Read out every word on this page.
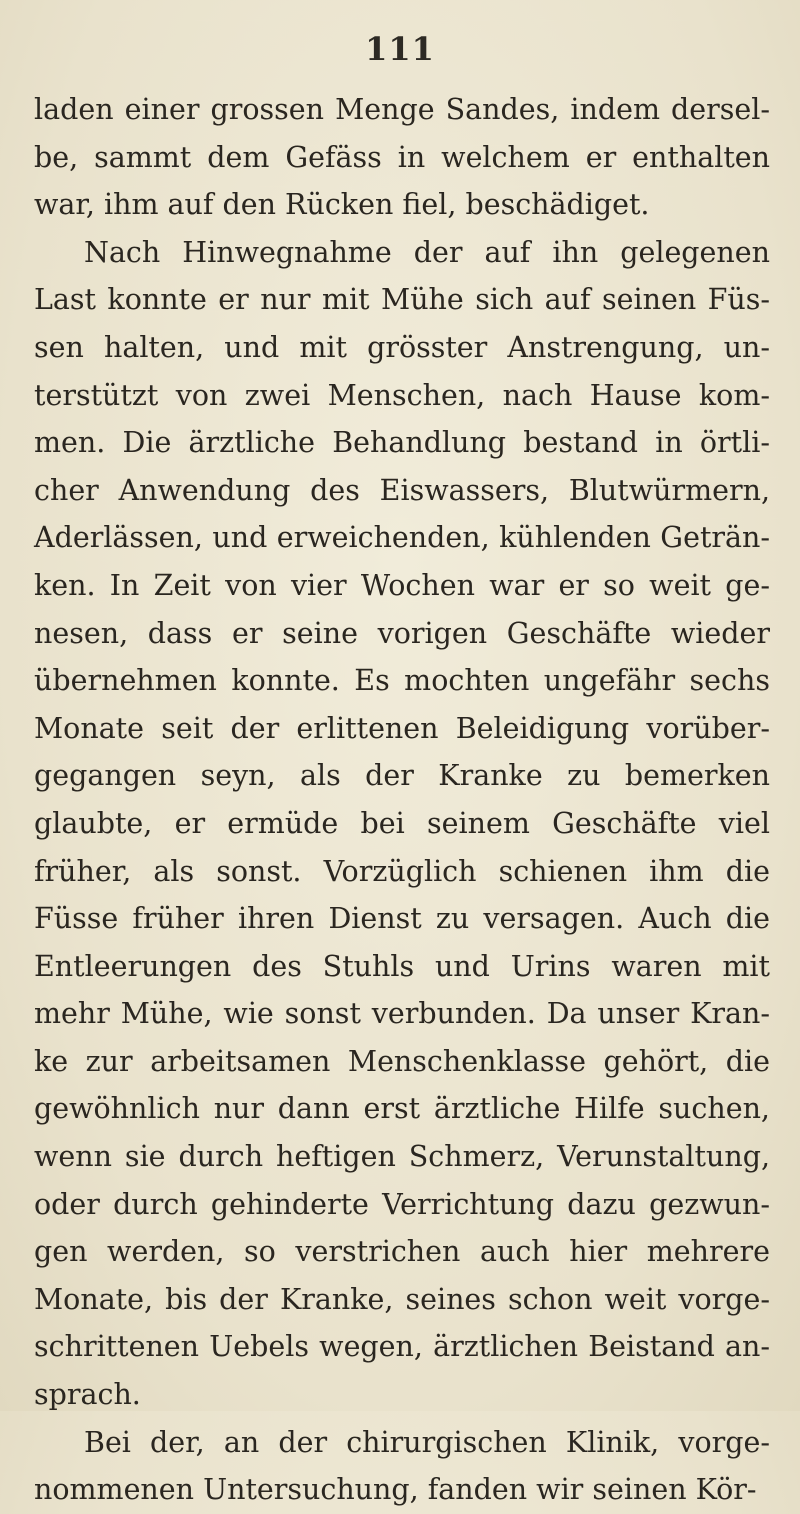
111
laden einer grossen Menge Sandes, indem dersel-
be, sammt dem Gefäss in welchem er enthalten
war, ihm auf den Rücken fiel, beschädiget.
Nach Hinwegnahme der auf ihn gelegenen
Last konnte er nur mit Mühe sich auf seinen Füs-
sen halten, und mit grösster Anstrengung, un-
terstützt von zwei Menschen, nach Hause kom-
men. Die ärztliche Behandlung bestand in örtli-
cher Anwendung des Eiswassers, Blutwürmern,
Aderlässen, und erweichenden, kühlenden Geträn-
ken. In Zeit von vier Wochen war er so weit ge-
nesen, dass er seine vorigen Geschäfte wieder
übernehmen konnte. Es mochten ungefähr sechs
Monate seit der erlittenen Beleidigung vorüber-
gegangen seyn, als der Kranke zu bemerken
glaubte, er ermüde bei seinem Geschäfte viel
früher, als sonst. Vorzüglich schienen ihm die
Füsse früher ihren Dienst zu versagen. Auch die
Entleerungen des Stuhls und Urins waren mit
mehr Mühe, wie sonst verbunden. Da unser Kran-
ke zur arbeitsamen Menschenklasse gehört, die
gewöhnlich nur dann erst ärztliche Hilfe suchen,
wenn sie durch heftigen Schmerz, Verunstaltung,
oder durch gehinderte Verrichtung dazu gezwun-
gen werden, so verstrichen auch hier mehrere
Monate, bis der Kranke, seines schon weit vorge-
schrittenen Uebels wegen, ärztlichen Beistand an-
sprach.
Bei der, an der chirurgischen Klinik, vorge-
nommenen Untersuchung, fanden wir seinen Kör-
